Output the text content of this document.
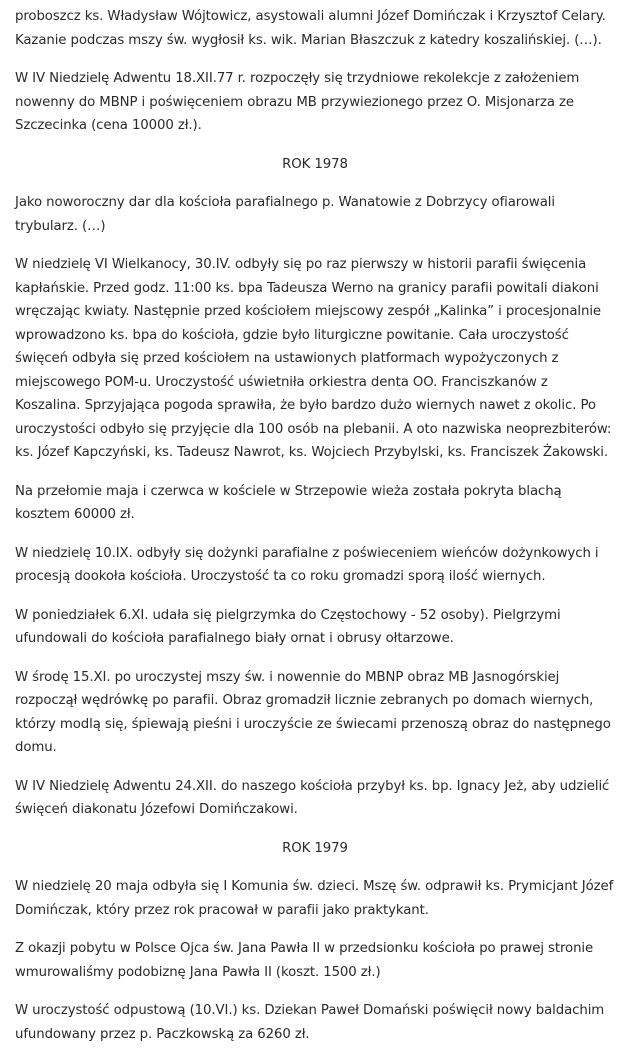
proboszcz ks. Władysław Wójtowicz, asystowali alumni Józef Domińczak i Krzysztof Celary. Kazanie podczas mszy św. wygłosił ks. wik. Marian Błaszczuk z katedry koszalińskiej. (…).

W IV Niedzielę Adwentu 18.XII.77 r. rozpoczęły się trzydniowe rekolekcje z założeniem nowenny do MBNP i poświęceniem obrazu MB przywiezionego przez O. Misjonarza ze Szczecinka (cena 10000 zł.).

ROK 1978

Jako noworoczny dar dla kościoła parafialnego p. Wanatowie z Dobrzycy ofiarowali trybularz. (…)

W niedzielę VI Wielkanocy, 30.IV. odbyły się po raz pierwszy w historii parafii święcenia kapłańskie. Przed godz. 11:00 ks. bpa Tadeusza Werno na granicy parafii powitali diakoni wręczając kwiaty. Następnie przed kościołem miejscowy zespół „Kalinka” i procesjonalnie wprowadzono ks. bpa do kościoła, gdzie było liturgiczne powitanie. Cała uroczystość święceń odbyła się przed kościołem na ustawionych platformach wypożyczonych z miejscowego POM-u. Uroczystość uświetniła orkiestra denta OO. Franciszkanów z Koszalina. Sprzyjająca pogoda sprawiła, że było bardzo dużo wiernych nawet z okolic. Po uroczystości odbyło się przyjęcie dla 100 osób na plebanii. A oto nazwiska neoprezbiterów: ks. Józef Kapczyński, ks. Tadeusz Nawrot, ks. Wojciech Przybylski, ks. Franciszek Żakowski.

Na przełomie maja i czerwca w kościele w Strzepowie wieża została pokryta blachą kosztem 60000 zł.

W niedzielę 10.IX. odbyły się dożynki parafialne z poświeceniem wieńców dożynkowych i procesją dookoła kościoła. Uroczystość ta co roku gromadzi sporą ilość wiernych.

W poniedziałek 6.XI. udała się pielgrzymka do Częstochowy - 52 osoby). Pielgrzymi ufundowali do kościoła parafialnego biały ornat i obrusy ołtarzowe.

W środę 15.XI. po uroczystej mszy św. i nowennie do MBNP obraz MB Jasnogórskiej rozpoczął wędrówkę po parafii. Obraz gromadził licznie zebranych po domach wiernych, którzy modlą się, śpiewają pieśni i uroczyście ze świecami przenoszą obraz do następnego domu.

W IV Niedzielę Adwentu 24.XII. do naszego kościoła przybył ks. bp. Ignacy Jeż, aby udzielić święceń diakonatu Józefowi Domińczakowi.

ROK 1979

W niedzielę 20 maja odbyła się I Komunia św. dzieci. Mszę św. odprawił ks. Prymicjant Józef Domińczak, który przez rok pracował w parafii jako praktykant.

Z okazji pobytu w Polsce Ojca św. Jana Pawła II w przedsionku kościoła po prawej stronie wmurowaliśmy podobiznę Jana Pawła II (koszt. 1500 zł.)

W uroczystość odpustową (10.VI.) ks. Dziekan Paweł Domański poświęcił nowy baldachim ufundowany przez p. Paczkowską za 6260 zł.
